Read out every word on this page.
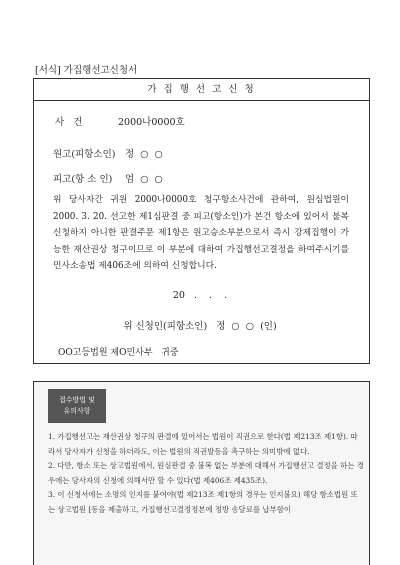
[서식] 가집행선고신청서
가 집 행 선 고 신 청
사   건	2000나0000호
원고(피항소인) 정  ○  ○
피고(항 소 인) 엄  ○  ○

위 당사자간 귀원 2000나0000호 청구항소사건에 관하여, 원심법원이 2000. 3. 20. 선고한 제1심판결 중 피고(항소인)가 본건 항소에 있어서 불복 신청하지 아니한 판결주문 제1항은 원고승소부분으로서 즉시 강제집행이 가능한 재산권상 청구이므로 이 부분에 대하여 가집행선고결정을 하여주시기를 민사소송법 제406조에 의하여 신청합니다.

20   .    .    .
위 신청인(피항소인)   정  ○  ○  (인)
OO고등법원 제O민사부   귀중
접수방법 및
유의사항
1. 가집행선고는 재산권상 청구의 판결에 있어서는 법원이 직권으로 한다(법 제213조 제1항). 따라서 당사자가 신청을 하더라도, 이는 법원의 직권발동을 촉구하는 의미밖에 없다.
2. 다만, 항소 또는 상고법원에서, 원심판결 중 불복 없는 부분에 대해서 가집행선고 결정을 하는 경우에는 당사자의 신청에 의해서만 할 수 있다(법 제406조 제435조).
3. 이 신청서에는 소명의 인지를 붙여야(법 제213조 제1항의 경우는 인지불요) 해당 항소법원 또는 상고법원 [동을 제출하고, 가집행선고결정정본에 정방 송달료를 납부함이
